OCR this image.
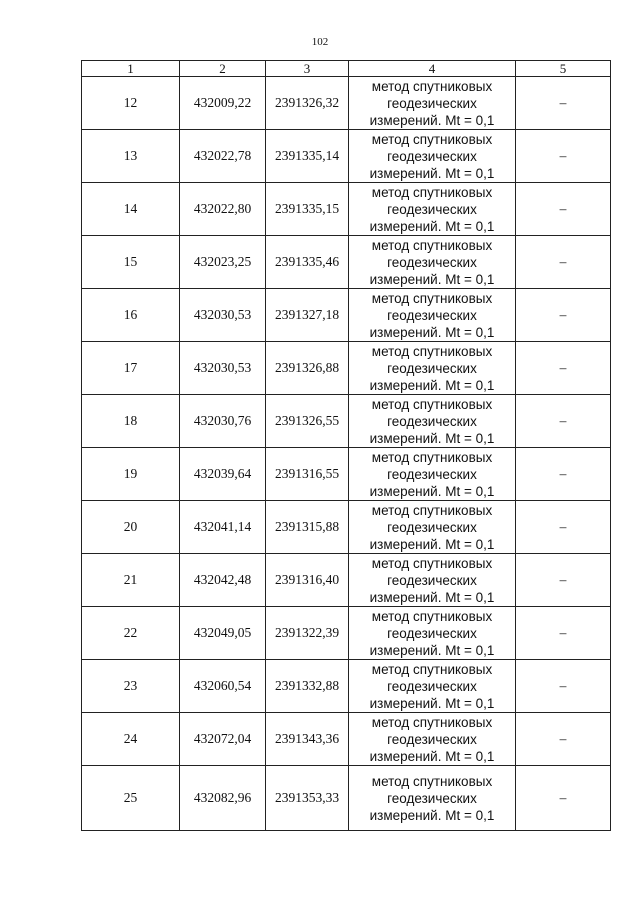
102
1	2	3	4	5
12	432009,22	2391326,32	метод спутниковых
геодезических
измерений. Mt = 0,1	–
13	432022,78	2391335,14	метод спутниковых
геодезических
измерений. Mt = 0,1	–
14	432022,80	2391335,15	метод спутниковых
геодезических
измерений. Mt = 0,1	–
15	432023,25	2391335,46	метод спутниковых
геодезических
измерений. Mt = 0,1	–
16	432030,53	2391327,18	метод спутниковых
геодезических
измерений. Mt = 0,1	–
17	432030,53	2391326,88	метод спутниковых
геодезических
измерений. Mt = 0,1	–
18	432030,76	2391326,55	метод спутниковых
геодезических
измерений. Mt = 0,1	–
19	432039,64	2391316,55	метод спутниковых
геодезических
измерений. Mt = 0,1	–
20	432041,14	2391315,88	метод спутниковых
геодезических
измерений. Mt = 0,1	–
21	432042,48	2391316,40	метод спутниковых
геодезических
измерений. Mt = 0,1	–
22	432049,05	2391322,39	метод спутниковых
геодезических
измерений. Mt = 0,1	–
23	432060,54	2391332,88	метод спутниковых
геодезических
измерений. Mt = 0,1	–
24	432072,04	2391343,36	метод спутниковых
геодезических
измерений. Mt = 0,1	–
25	432082,96	2391353,33	метод спутниковых
геодезических
измерений. Mt = 0,1	–
